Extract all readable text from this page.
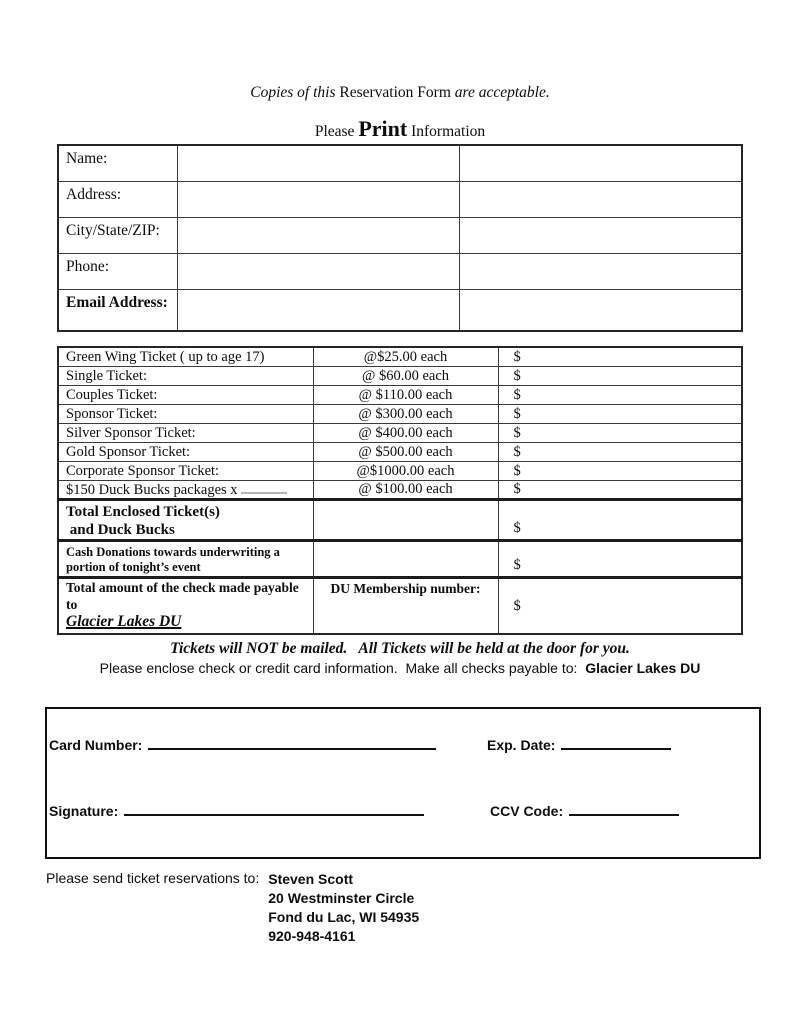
Copies of this Reservation Form are acceptable.
Please Print Information
Name:		
Address:		
City/State/ZIP:		
Phone:		
Email Address:		
Green Wing Ticket ( up to age 17)	@$25.00 each	$
Single Ticket:	@ $60.00 each	$
Couples Ticket:	@ $110.00 each	$
Sponsor Ticket:	@ $300.00 each	$
Silver Sponsor Ticket:	@ $400.00 each	$
Gold Sponsor Ticket:	@ $500.00 each	$
Corporate Sponsor Ticket:	@$1000.00 each	$
$150 Duck Bucks packages x	@ $100.00 each	$

Total Enclosed Ticket(s)
and Duck Bucks		$

Cash Donations towards underwriting a
portion of tonight’s event		$

Total amount of the check made payable to
Glacier Lakes DU	DU Membership number:	$
Tickets will NOT be mailed.   All Tickets will be held at the door for you.
Please enclose check or credit card information.  Make all checks payable to:  Glacier Lakes DU
Card Number:	Exp. Date:
Signature:	CCV Code:
Please send ticket reservations to: Steven Scott
20 Westminster Circle
Fond du Lac, WI 54935
920-948-4161
